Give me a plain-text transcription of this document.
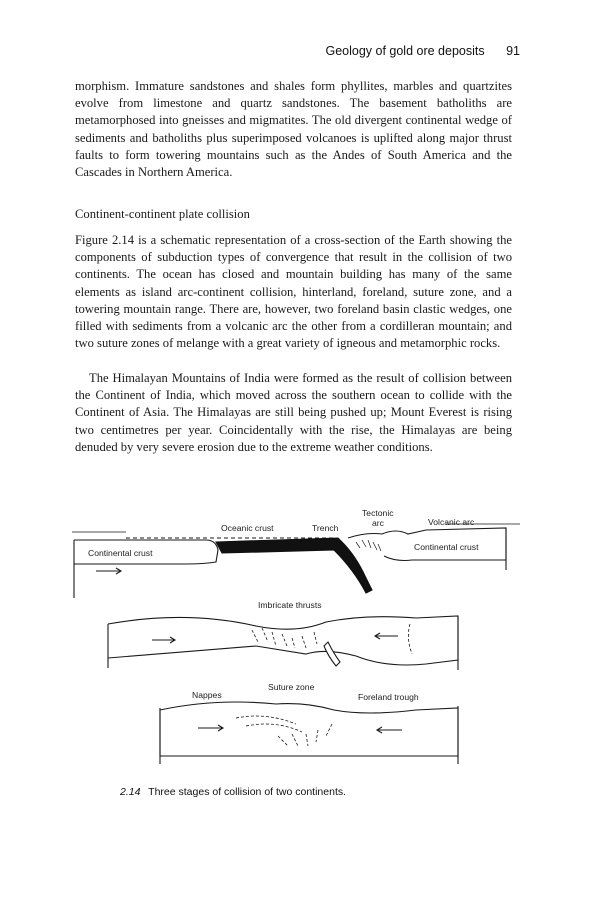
Geology of gold ore deposits 91

morphism. Immature sandstones and shales form phyllites, marbles and quartzites evolve from limestone and quartz sandstones. The basement batholiths are metamorphosed into gneisses and migmatites. The old divergent continental wedge of sediments and batholiths plus superimposed volcanoes is uplifted along major thrust faults to form towering mountains such as the Andes of South America and the Cascades in Northern America.

Continent-continent plate collision

Figure 2.14 is a schematic representation of a cross-section of the Earth showing the components of subduction types of convergence that result in the collision of two continents. The ocean has closed and mountain building has many of the same elements as island arc-continent collision, hinterland, foreland, suture zone, and a towering mountain range. There are, however, two foreland basin clastic wedges, one filled with sediments from a volcanic arc the other from a cordilleran mountain; and two suture zones of melange with a great variety of igneous and metamorphic rocks.

The Himalayan Mountains of India were formed as the result of collision between the Continent of India, which moved across the southern ocean to collide with the Continent of Asia. The Himalayas are still being pushed up; Mount Everest is rising two centimetres per year. Coincidentally with the rise, the Himalayas are being denuded by very severe erosion due to the extreme weather conditions.

Oceanic crust	Trench
Tectonic
arc	Volcanic arc
Continental crust
Continental crust
Imbricate thrusts
Suture zone
Nappes	Foreland trough
2.14 Three stages of collision of two continents.
